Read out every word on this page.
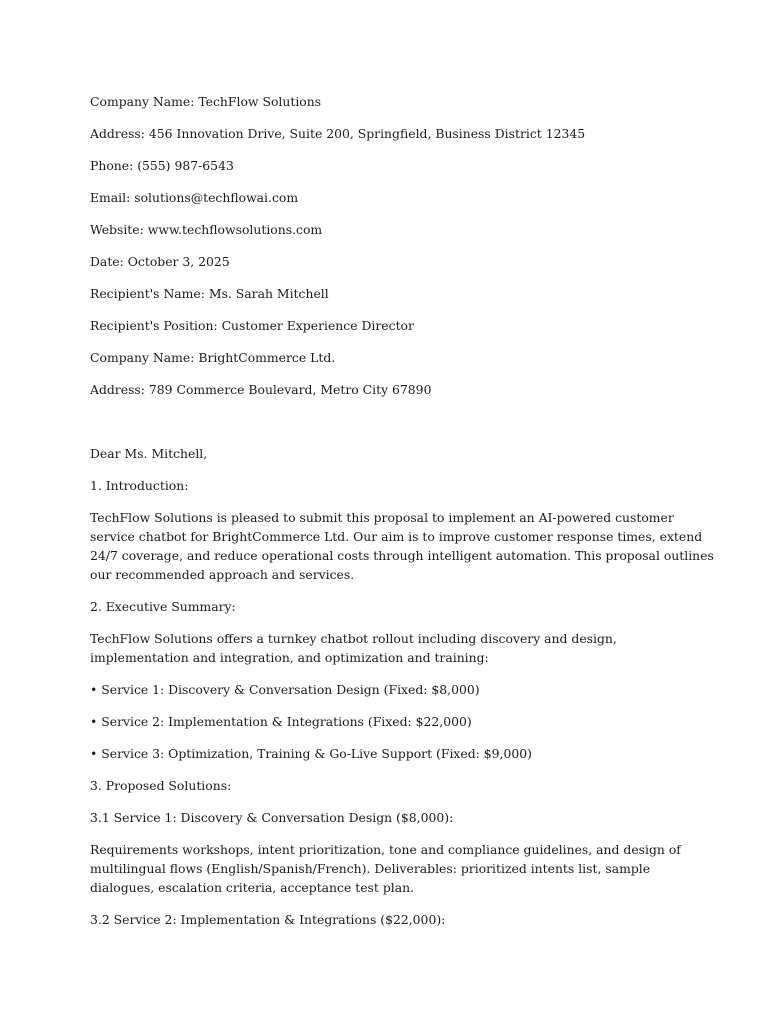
Company Name: TechFlow Solutions

Address: 456 Innovation Drive, Suite 200, Springfield, Business District 12345

Phone: (555) 987-6543

Email: solutions@techflowai.com

Website: www.techflowsolutions.com

Date: October 3, 2025

Recipient's Name: Ms. Sarah Mitchell

Recipient's Position: Customer Experience Director

Company Name: BrightCommerce Ltd.

Address: 789 Commerce Boulevard, Metro City 67890

Dear Ms. Mitchell,

1. Introduction:

TechFlow Solutions is pleased to submit this proposal to implement an AI-powered customer
service chatbot for BrightCommerce Ltd. Our aim is to improve customer response times, extend
24/7 coverage, and reduce operational costs through intelligent automation. This proposal outlines
our recommended approach and services.

2. Executive Summary:

TechFlow Solutions offers a turnkey chatbot rollout including discovery and design,
implementation and integration, and optimization and training:

• Service 1: Discovery & Conversation Design (Fixed: $8,000)

• Service 2: Implementation & Integrations (Fixed: $22,000)

• Service 3: Optimization, Training & Go-Live Support (Fixed: $9,000)

3. Proposed Solutions:

3.1 Service 1: Discovery & Conversation Design ($8,000):

Requirements workshops, intent prioritization, tone and compliance guidelines, and design of
multilingual flows (English/Spanish/French). Deliverables: prioritized intents list, sample
dialogues, escalation criteria, acceptance test plan.

3.2 Service 2: Implementation & Integrations ($22,000):
